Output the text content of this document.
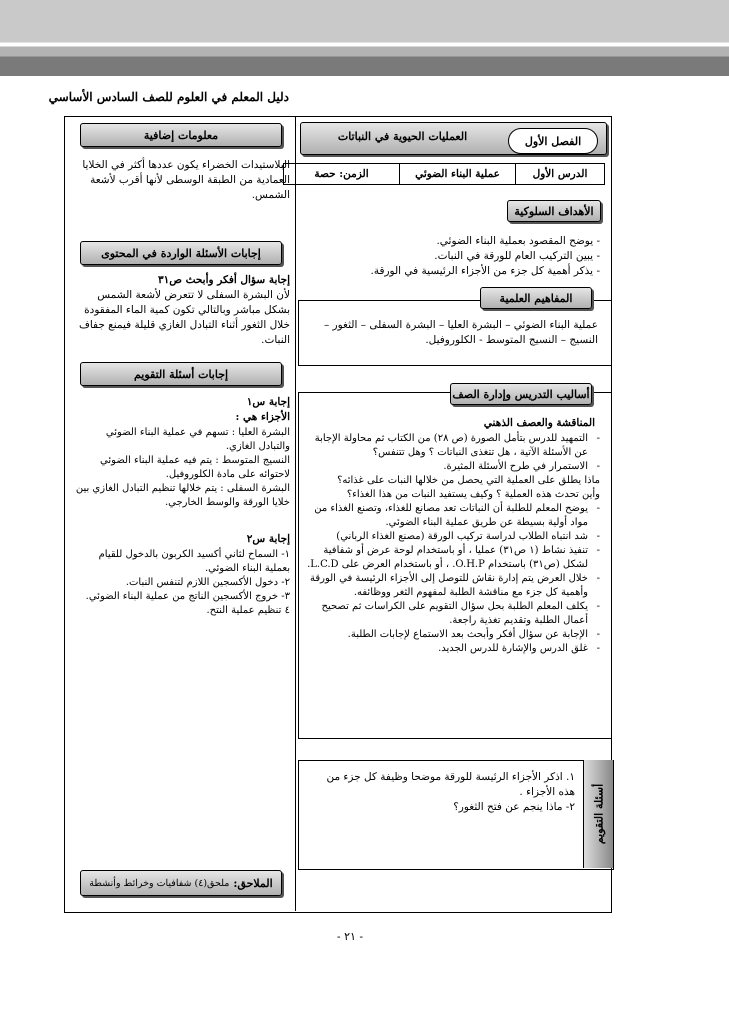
دليل المعلم في العلوم للصف السادس الأساسي
العمليات الحيوية في النباتات	الفصل الأول
الدرس الأول
عملية البناء الضوئي
الزمن: حصة
الأهداف السلوكية
- يوضح المقصود بعملية البناء الضوئي.
- يبين التركيب العام للورقة في النبات.
- يذكر أهمية كل جزء من الأجزاء الرئيسية في الورقة.
المفاهيم العلمية
عملية البناء الضوئي – البشرة العليا – البشرة السفلى – الثغور – النسيج – النسيج المتوسط - الكلوروفيل.
أساليب التدريس وإدارة الصف
المناقشة والعصف الذهني
- التمهيد للدرس بتأمل الصورة (ص ٢٨) من الكتاب ثم محاولة الإجابة عن الأسئلة الآتية ، هل تتغذى النباتات ؟ وهل تتنفس؟
- الاستمرار في طرح الأسئلة المثيرة.
ماذا يطلق على العملية التي يحصل من خلالها النبات على غذائه؟
وأين تحدث هذه العملية ؟ وكيف يستفيد النبات من هذا الغذاء؟
- يوضح المعلم للطلبة أن النباتات تعد مصانع للغذاء، وتصنع الغذاء من مواد أولية بسيطة عن طريق عملية البناء الضوئي.
- شد انتباه الطلاب لدراسة تركيب الورقة (مصنع الغذاء الرباني)
- تنفيذ نشاط (١ ص٣١) عمليا ، أو باستخدام لوحة عرض أو شفافية لشكل (ص٣١) باستخدام O.H.P. ، أو باستخدام العرض على L.C.D.
- خلال العرض يتم إدارة نقاش للتوصل إلى الأجزاء الرئيسة في الورقة وأهمية كل جزء مع مناقشة الطلبة لمفهوم الثغر ووظائفه.
- يكلف المعلم الطلبة بحل سؤال التقويم على الكراسات ثم تصحيح أعمال الطلبة وتقديم تغذية راجعة.
- الإجابة عن سؤال أفكر وأبحث بعد الاستماع لإجابات الطلبة.
- غلق الدرس والإشارة للدرس الجديد.
أسئلة التقويم
١. اذكر الأجزاء الرئيسة للورقة موضحا وظيفة كل جزء من هذه الأجزاء .
٢- ماذا ينجم عن فتح الثغور؟
معلومات إضافية
البلاستيدات الخضراء يكون عددها أكثر في الخلايا العمادية من الطبقة الوسطى لأنها أقرب لأشعة الشمس.
إجابات الأسئلة الواردة في المحتوى
إجابة سؤال أفكر وأبحث ص٣١
لأن البشرة السفلى لا تتعرض لأشعة الشمس بشكل مباشر وبالتالي تكون كمية الماء المفقودة خلال الثغور أثناء التبادل الغازي قليلة فيمنع جفاف النبات.
إجابات أسئلة التقويم
إجابة س١
الأجزاء هي :
البشرة العليا : تسهم في عملية البناء الضوئي والتبادل الغازي.
النسيج المتوسط : يتم فيه عملية البناء الضوئي لاحتوائه على مادة الكلوروفيل.
البشرة السفلى : يتم خلالها تنظيم التبادل الغازي بين خلايا الورقة والوسط الخارجي.
إجابة س٢
١- السماح لثاني أكسيد الكربون بالدخول للقيام بعملية البناء الضوئي.
٢- دخول الأكسجين اللازم لتنفس النبات.
٣- خروج الأكسجين الناتج من عملية البناء الضوئي.
٤ تنظيم عملية النتح.
الملاحق:
ملحق(٤) شفافيات وخرائط وأنشطة
- ٢١ -
